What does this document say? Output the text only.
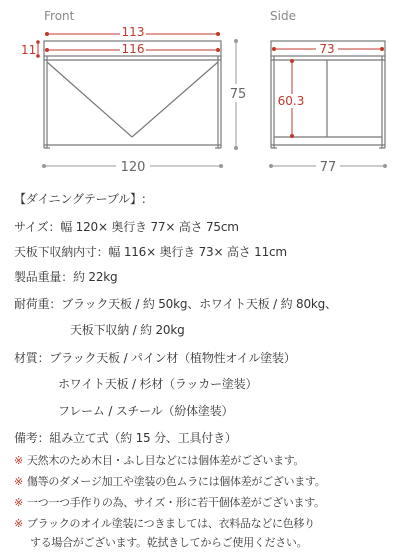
Front	Side
113
116
11
75
120
73
60.3
77
【ダイニングテーブル】:
サイズ：幅 120× 奥行き 77× 高さ 75cm
天板下収納内寸：幅 116× 奥行き 73× 高さ 11cm
製品重量：約 22kg
耐荷重：ブラック天板 / 約 50kg、ホワイト天板 / 約 80kg、
天板下収納 / 約 20kg
材質：ブラック天板 / パイン材（植物性オイル塗装）
ホワイト天板 / 杉材（ラッカー塗装）
フレーム / スチール（紛体塗装）
備考：組み立て式（約 15 分、工具付き）
※ 天然木のため木目・ふし目などには個体差がございます。
※ 傷等のダメージ加工や塗装の色ムラには個体差がございます。
※ 一つ一つ手作りの為、サイズ・形に若干個体差がございます。
※ ブラックのオイル塗装につきましては、衣料品などに色移り
する場合がございます。乾拭きしてからご使用ください。
